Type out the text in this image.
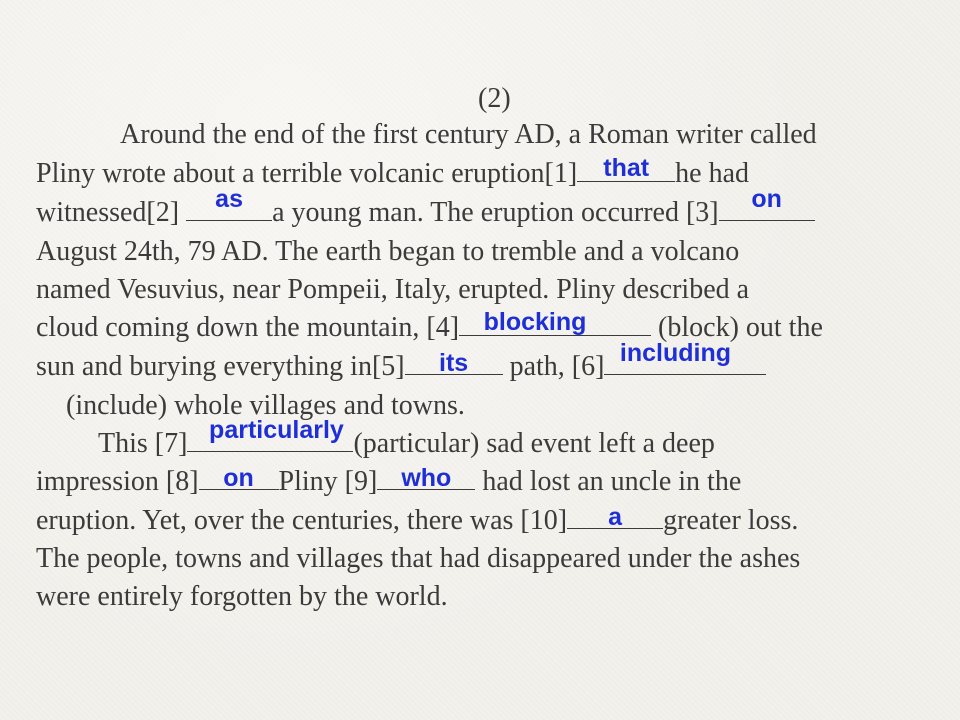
(2)
Around the end of the first century AD, a Roman writer called
Pliny wrote about a terrible volcanic eruption[1]	that he had
witnessed[2]	as	a young man. The eruption occurred [3]	on
August 24th, 79 AD. The earth began to tremble and a volcano
named Vesuvius, near Pompeii, Italy, erupted. Pliny described a
cloud coming down the mountain, [4] blocking	(block) out the
sun and burying everything in[5]	its	path, [6] including
(include) whole villages and towns.
This [7] particularly (particular) sad event left a deep
impression [8] on Pliny [9] who had lost an uncle in the
eruption. Yet, over the centuries, there was [10]	a	greater loss.
The people, towns and villages that had disappeared under the ashes
were entirely forgotten by the world.
